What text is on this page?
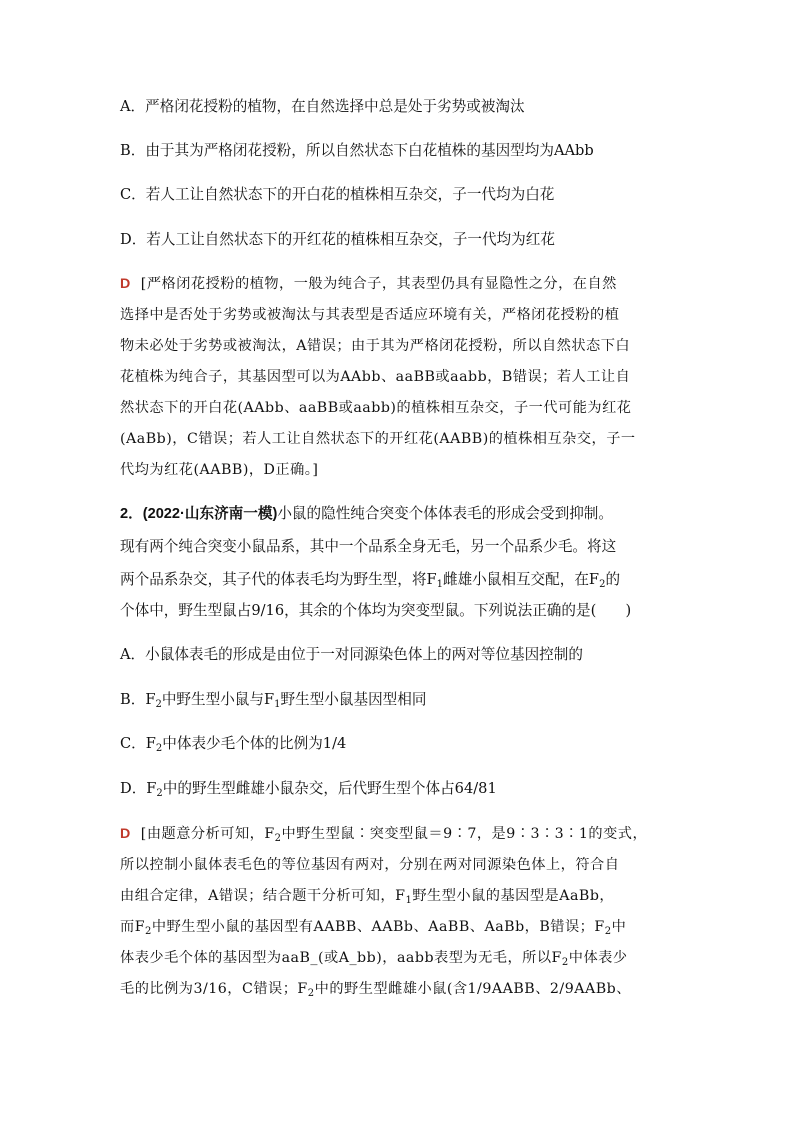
A．严格闭花授粉的植物，在自然选择中总是处于劣势或被淘汰
B．由于其为严格闭花授粉，所以自然状态下白花植株的基因型均为AAbb
C．若人工让自然状态下的开白花的植株相互杂交，子一代均为白花
D．若人工让自然状态下的开红花的植株相互杂交，子一代均为红花
D [严格闭花授粉的植物，一般为纯合子，其表型仍具有显隐性之分，在自然
选择中是否处于劣势或被淘汰与其表型是否适应环境有关，严格闭花授粉的植
物未必处于劣势或被淘汰，A错误；由于其为严格闭花授粉，所以自然状态下白
花植株为纯合子，其基因型可以为AAbb、aaBB或aabb，B错误；若人工让自
然状态下的开白花(AAbb、aaBB或aabb)的植株相互杂交，子一代可能为红花
(AaBb)，C错误；若人工让自然状态下的开红花(AABB)的植株相互杂交，子一
代均为红花(AABB)，D正确。]
2．(2022·山东济南一模)小鼠的隐性纯合突变个体体表毛的形成会受到抑制。
现有两个纯合突变小鼠品系，其中一个品系全身无毛，另一个品系少毛。将这
两个品系杂交，其子代的体表毛均为野生型，将$F_1$雌雄小鼠相互交配，在$F_2$的
个体中，野生型鼠占9/16，其余的个体均为突变型鼠。下列说法正确的是(　　)
A．小鼠体表毛的形成是由位于一对同源染色体上的两对等位基因控制的
B．$F_2$中野生型小鼠与$F_1$野生型小鼠基因型相同
C．$F_2$中体表少毛个体的比例为1/4
D．$F_2$中的野生型雌雄小鼠杂交，后代野生型个体占64/81
D [由题意分析可知，$F_2$中野生型鼠∶突变型鼠＝9∶7，是9∶3∶3∶1的变式，
所以控制小鼠体表毛色的等位基因有两对，分别在两对同源染色体上，符合自
由组合定律，A错误；结合题干分析可知，$F_1$野生型小鼠的基因型是AaBb，
而$F_2$中野生型小鼠的基因型有AABB、AABb、AaBB、AaBb，B错误；$F_2$中
体表少毛个体的基因型为aaB_(或A_bb)，aabb表型为无毛，所以$F_2$中体表少
毛的比例为3/16，C错误；$F_2$中的野生型雌雄小鼠(含1/9AABB、2/9AABb、
